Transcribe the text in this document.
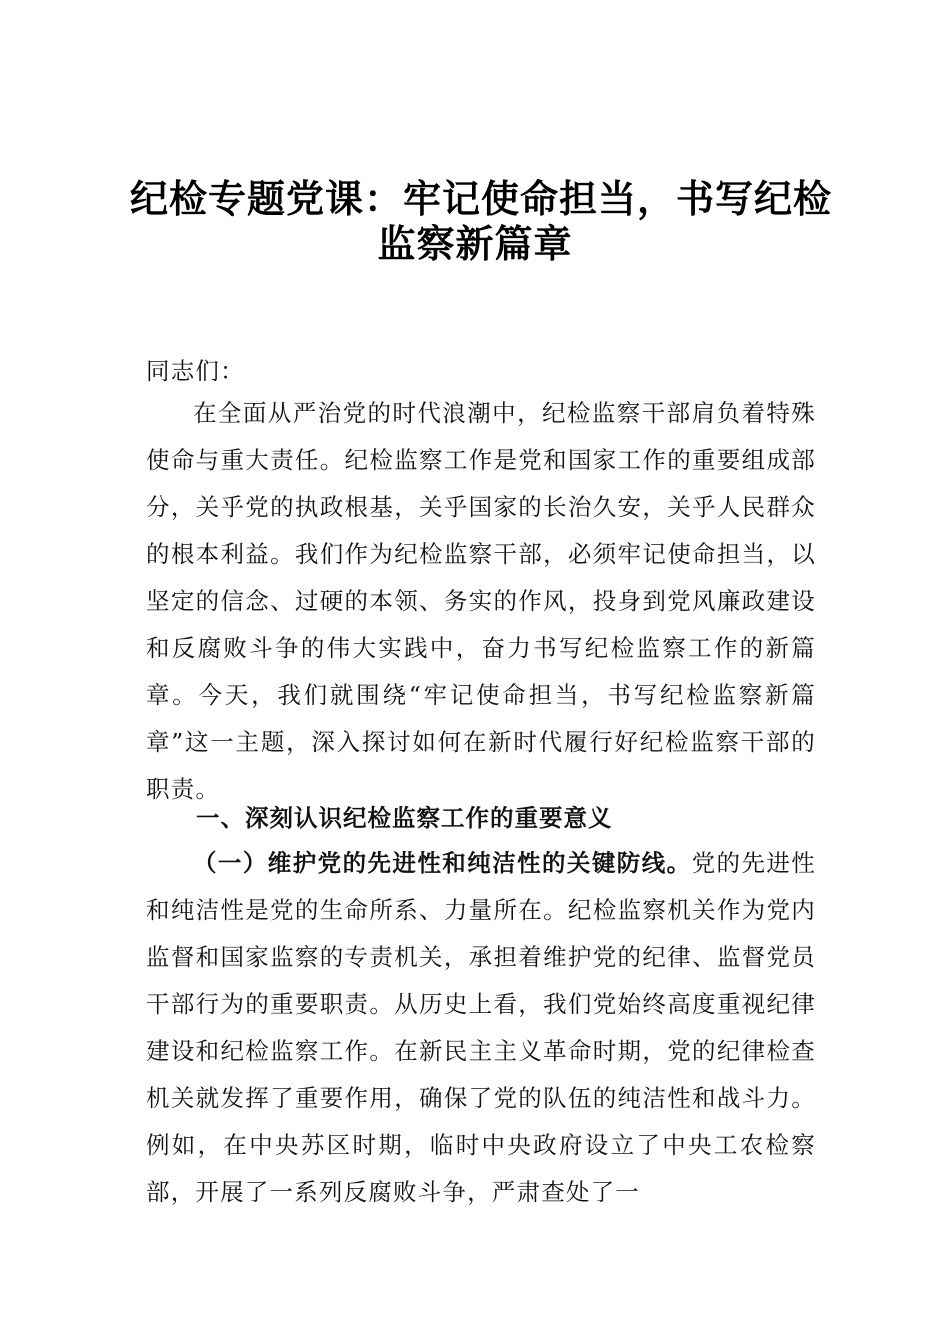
纪检专题党课：牢记使命担当，书写纪检
监察新篇章
同志们：

在全面从严治党的时代浪潮中，纪检监察干部肩负着特殊使命与重大责任。纪检监察工作是党和国家工作的重要组成部分，关乎党的执政根基，关乎国家的长治久安，关乎人民群众的根本利益。我们作为纪检监察干部，必须牢记使命担当，以坚定的信念、过硬的本领、务实的作风，投身到党风廉政建设和反腐败斗争的伟大实践中，奋力书写纪检监察工作的新篇章。今天，我们就围绕“牢记使命担当，书写纪检监察新篇章”这一主题，深入探讨如何在新时代履行好纪检监察干部的职责。

一、深刻认识纪检监察工作的重要意义

（一）维护党的先进性和纯洁性的关键防线。党的先进性和纯洁性是党的生命所系、力量所在。纪检监察机关作为党内监督和国家监察的专责机关，承担着维护党的纪律、监督党员干部行为的重要职责。从历史上看，我们党始终高度重视纪律建设和纪检监察工作。在新民主主义革命时期，党的纪律检查机关就发挥了重要作用，确保了党的队伍的纯洁性和战斗力。例如，在中央苏区时期，临时中央政府设立了中央工农检察部，开展了一系列反腐败斗争，严肃查处了一
